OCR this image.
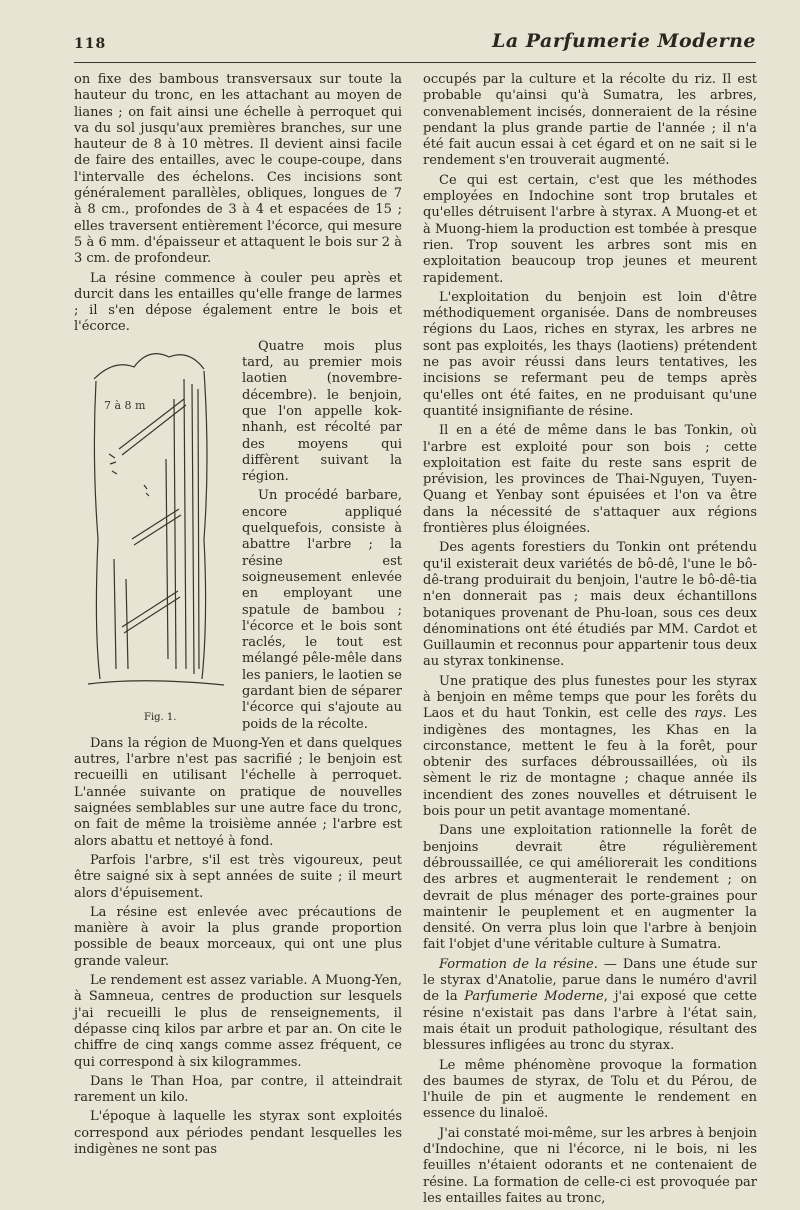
118	La Parfumerie Moderne

on fixe des bambous transversaux sur toute la hauteur du tronc, en les attachant au moyen de lianes ; on fait ainsi une échelle à perroquet qui va du sol jusqu'aux premières branches, sur une hauteur de 8 à 10 mètres. Il devient ainsi facile de faire des entailles, avec le coupe-coupe, dans l'intervalle des échelons. Ces incisions sont généralement parallèles, obliques, longues de 7 à 8 cm., profondes de 3 à 4 et espacées de 15 ; elles traversent entièrement l'écorce, qui mesure 5 à 6 mm. d'épaisseur et attaquent le bois sur 2 à 3 cm. de profondeur.

La résine commence à couler peu après et durcit dans les entailles qu'elle frange de larmes ; il s'en dépose également entre le bois et l'écorce.

7 à 8 m
Fig. 1.

Quatre mois plus tard, au premier mois laotien (novembre-décembre). le benjoin, que l'on appelle kok-nhanh, est récolté par des moyens qui diffèrent suivant la région.

Un procédé barbare, encore appliqué quelquefois, consiste à abattre l'arbre ; la résine est soigneusement enlevée en employant une spatule de bambou ; l'écorce et le bois sont raclés, le tout est mélangé pêle-mêle dans les paniers, le laotien se gardant bien de séparer l'écorce qui s'ajoute au poids de la récolte.

Dans la région de Muong-Yen et dans quelques autres, l'arbre n'est pas sacrifié ; le benjoin est recueilli en utilisant l'échelle à perroquet. L'année suivante on pratique de nouvelles saignées semblables sur une autre face du tronc, on fait de même la troisième année ; l'arbre est alors abattu et nettoyé à fond.

Parfois l'arbre, s'il est très vigoureux, peut être saigné six à sept années de suite ; il meurt alors d'épuisement.

La résine est enlevée avec précautions de manière à avoir la plus grande proportion possible de beaux morceaux, qui ont une plus grande valeur.

Le rendement est assez variable. A Muong-Yen, à Samneua, centres de production sur lesquels j'ai recueilli le plus de renseignements, il dépasse cinq kilos par arbre et par an. On cite le chiffre de cinq xangs comme assez fréquent, ce qui correspond à six kilogrammes.

Dans le Than Hoa, par contre, il atteindrait rarement un kilo.

L'époque à laquelle les styrax sont exploités correspond aux périodes pendant lesquelles les indigènes ne sont pas

occupés par la culture et la récolte du riz. Il est probable qu'ainsi qu'à Sumatra, les arbres, convenablement incisés, donneraient de la résine pendant la plus grande partie de l'année ; il n'a été fait aucun essai à cet égard et on ne sait si le rendement s'en trouverait augmenté.

Ce qui est certain, c'est que les méthodes employées en Indochine sont trop brutales et qu'elles détruisent l'arbre à styrax. A Muong-et et à Muong-hiem la production est tombée à presque rien. Trop souvent les arbres sont mis en exploitation beaucoup trop jeunes et meurent rapidement.

L'exploitation du benjoin est loin d'être méthodiquement organisée. Dans de nombreuses régions du Laos, riches en styrax, les arbres ne sont pas exploités, les thays (laotiens) prétendent ne pas avoir réussi dans leurs tentatives, les incisions se refermant peu de temps après qu'elles ont été faites, en ne produisant qu'une quantité insignifiante de résine.

Il en a été de même dans le bas Tonkin, où l'arbre est exploité pour son bois ; cette exploitation est faite du reste sans esprit de prévision, les provinces de Thai-Nguyen, Tuyen-Quang et Yenbay sont épuisées et l'on va être dans la nécessité de s'attaquer aux régions frontières plus éloignées.

Des agents forestiers du Tonkin ont prétendu qu'il existerait deux variétés de bô-dê, l'une le bô-dê-trang produirait du benjoin, l'autre le bô-dê-tia n'en donnerait pas ; mais deux échantillons botaniques provenant de Phu-loan, sous ces deux dénominations ont été étudiés par MM. Cardot et Guillaumin et reconnus pour appartenir tous deux au styrax tonkinense.

Une pratique des plus funestes pour les styrax à benjoin en même temps que pour les forêts du Laos et du haut Tonkin, est celle des rays. Les indigènes des montagnes, les Khas en la circonstance, mettent le feu à la forêt, pour obtenir des surfaces débroussaillées, où ils sèment le riz de montagne ; chaque année ils incendient des zones nouvelles et détruisent le bois pour un petit avantage momentané.

Dans une exploitation rationnelle la forêt de benjoins devrait être régulièrement débroussaillée, ce qui améliorerait les conditions des arbres et augmenterait le rendement ; on devrait de plus ménager des porte-graines pour maintenir le peuplement et en augmenter la densité. On verra plus loin que l'arbre à benjoin fait l'objet d'une véritable culture à Sumatra.

Formation de la résine. — Dans une étude sur le styrax d'Anatolie, parue dans le numéro d'avril de la Parfumerie Moderne, j'ai exposé que cette résine n'existait pas dans l'arbre à l'état sain, mais était un produit pathologique, résultant des blessures infligées au tronc du styrax.

Le même phénomène provoque la formation des baumes de styrax, de Tolu et du Pérou, de l'huile de pin et augmente le rendement en essence du linaloë.

J'ai constaté moi-même, sur les arbres à benjoin d'Indochine, que ni l'écorce, ni le bois, ni les feuilles n'étaient odorants et ne contenaient de résine. La formation de celle-ci est provoquée par les entailles faites au tronc,
